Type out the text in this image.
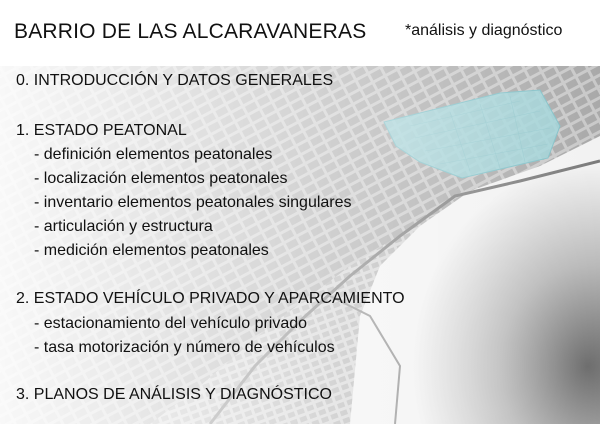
BARRIO DE LAS ALCARAVANERAS *análisis y diagnóstico
0. INTRODUCCIÓN Y DATOS GENERALES
1. ESTADO PEATONAL
- definición elementos peatonales
- localización elementos peatonales
- inventario elementos peatonales singulares
- articulación y estructura
- medición elementos peatonales
2. ESTADO VEHÍCULO PRIVADO Y APARCAMIENTO
- estacionamiento del vehículo privado
- tasa motorización y número de vehículos
3. PLANOS DE ANÁLISIS Y DIAGNÓSTICO
